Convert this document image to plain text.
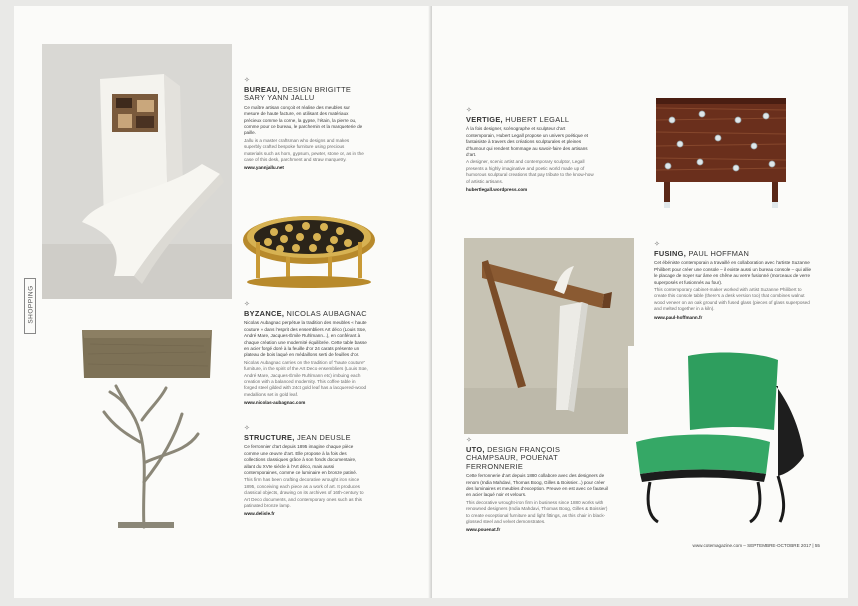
SHOPPING
✧
BUREAU, DESIGN BRIGITTE SARY YANN JALLU

Ce maître artisan conçoit et réalise des meubles sur mesure de haute facture, en utilisant des matériaux précieux comme la corne, la gypse, l’étain, la pierre ou, comme pour ce bureau, le parchemin et la marqueterie de paille.

Jallu is a master craftsman who designs and makes superbly crafted bespoke furniture using precious materials such as horn, gypsum, pewter, stone or, as in the case of this desk, parchment and straw marquetry.

www.yannjallu.net
✧
BYZANCE, NICOLAS AUBAGNAC

Nicolas Aubagnac perpétue la tradition des meubles « haute couture » dans l’esprit des ensembliers Art déco (Louis Süe, André Mare, Jacques-Émile Ruhlmann...), en conférant à chaque création une modernité équilibrée. Cette table basse en acier forgé doré à la feuille d’or 24 carats présente un plateau de bois laqué en médaillons serti de feuilles d’or.

Nicolas Aubagnac carries on the tradition of “haute couture” furniture, in the spirit of the Art Deco ensembliers (Louis Süe, André Mare, Jacques-Émile Ruhlmann etc) imbuing each creation with a balanced modernity. This coffee table in forged steel gilded with 24ct gold leaf has a lacquered-wood medallions set in gold leaf.

www.nicolas-aubagnac.com
✧
STRUCTURE, JEAN DEUSLE

Ce ferronnier d’art depuis 1895 imagine chaque pièce comme une œuvre d’art. Elle propose à la fois des collections classiques grâce à son fonds documentaire, allant du XVIe siècle à l’Art déco, mais aussi contemporaines, comme ce luminaire en bronze patiné.

This firm has been crafting decorative wrought iron since 1895, conceiving each piece as a work of art. It produces classical objects, drawing on its archives of 16th-century to Art Deco documents, and contemporary ones such as this patinated bronze lamp.

www.delisle.fr
✧
VERTIGE, HUBERT LEGALL

À la fois designer, scénographe et sculpteur d’art contemporain, Hubert Legall propose un univers poétique et fantaisiste à travers des créations sculpturales et pleines d’humour qui rendent hommage au savoir-faire des artisans d’art.

A designer, scenic artist and contemporary sculptor, Legall presents a highly imaginative and poetic world made up of humorous sculptural creations that pay tribute to the know-how of artistic artisans.

hubertlegall.wordpress.com
✧
FUSING, PAUL HOFFMAN

Cet ébéniste contemporain a travaillé en collaboration avec l’artiste Suzanne Philibert pour créer une console – il existe aussi un bureau console – qui allie le placage de noyer sur âme en chêne au verre fusionné (morceaux de verre superposés et fusionnés au four).

This contemporary cabinet-maker worked with artist Suzanne Philibert to create this console table (there’s a desk version too) that combines walnut wood veneer on an oak ground with fused glass (pieces of glass superposed and melted together in a kiln).

www.paul-hoffmann.fr
✧
UTO, DESIGN FRANÇOIS CHAMPSAUR, POUENAT FERRONNERIE

Cette ferronnerie d’art depuis 1880 collabore avec des designers de renom (India Mahdavi, Thomas Boog, Gilles & Boissier...) pour créer des luminaires et meubles d’exception. Preuve en est avec ce fauteuil en acier laqué noir et velours.

This decorative wrought-iron firm in business since 1880 works with renowned designers (India Mahdavi, Thomas Boog, Gilles & Boissier) to create exceptional furniture and light fittings, as this chair in black-glossed steel and velvet demonstrates.

www.pouenat.fr
www.cotemagazine.com – SEPTEMBRE-OCTOBRE 2017 | 55
